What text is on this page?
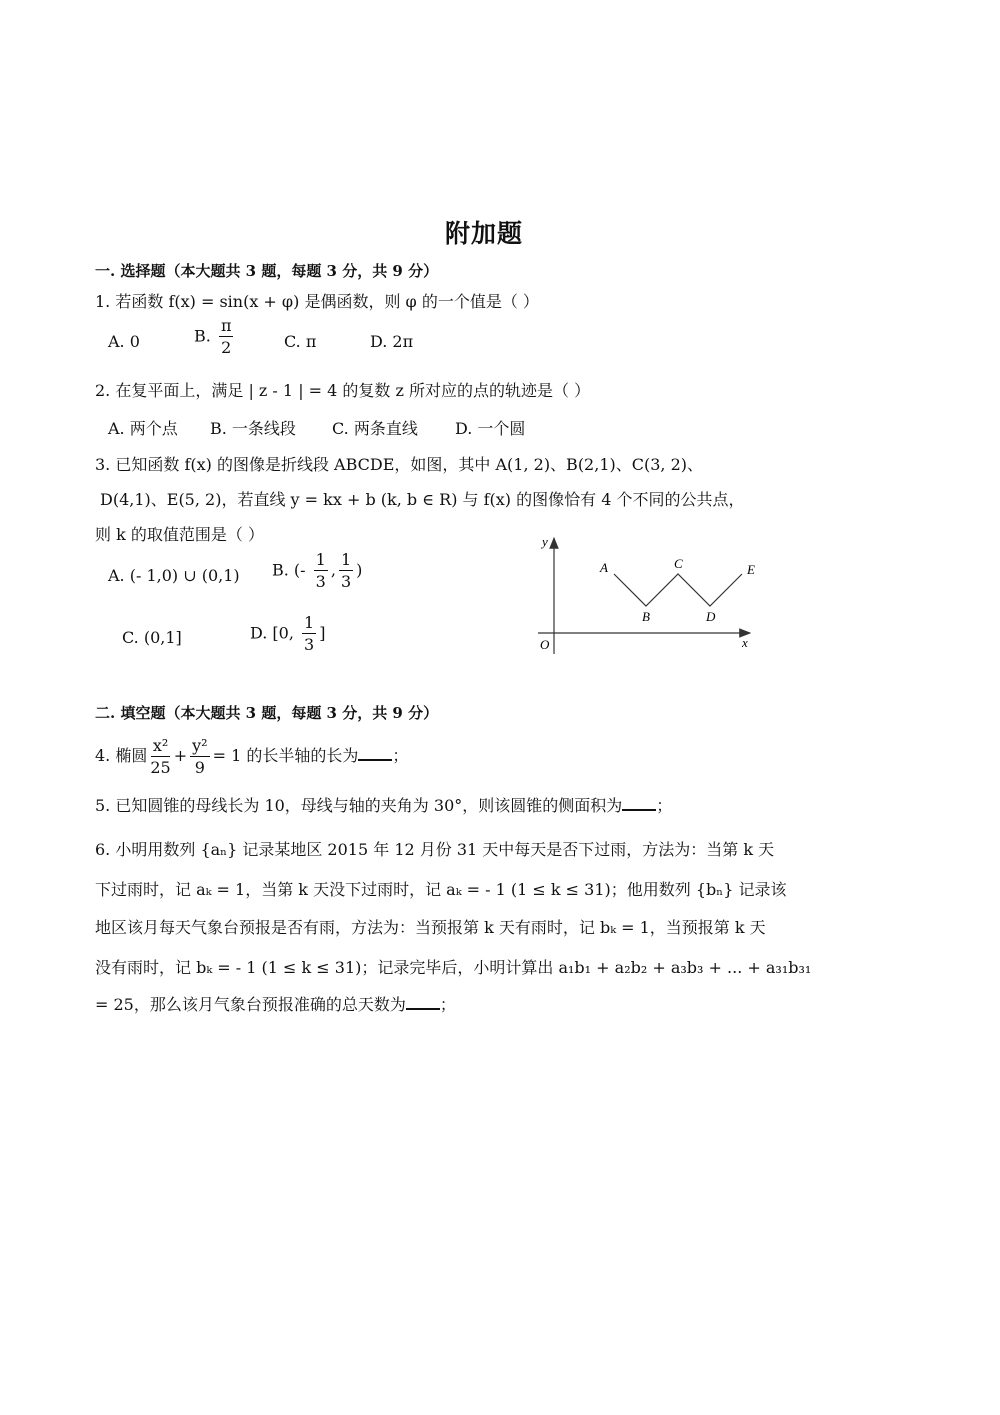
附加题
一. 选择题（本大题共 3 题，每题 3 分，共 9 分）
1. 若函数 f(x) = sin(x + φ) 是偶函数，则 φ 的一个值是（ ）
A. 0	B. $\frac{\pi}{2}$	C. π	D. 2π
2. 在复平面上，满足 | z - 1 | = 4 的复数 z 所对应的点的轨迹是（ ）
A. 两个点 B. 一条线段 C. 两条直线 D. 一个圆
3. 已知函数 f(x) 的图像是折线段 ABCDE，如图，其中 A(1, 2)、B(2,1)、C(3, 2)、
D(4,1)、E(5, 2)，若直线 y = kx + b (k, b ∈ R) 与 f(x) 的图像恰有 4 个不同的公共点，
则 k 的取值范围是（ ）
A. (- 1,0) ∪ (0,1) B. (- $\frac{1}{3}$ , $\frac{1}{3}$ )
C. (0,1]	D. [0, $\frac{1}{3}$ ]
y
x
O
A
B
C
D
E
二. 填空题（本大题共 3 题，每题 3 分，共 9 分）
4. 椭圆 $\frac{\text{x²}}{25} + \frac{\text{y²}}{9} = 1$ 的长半轴的长为 ；
5. 已知圆锥的母线长为 10，母线与轴的夹角为 30°，则该圆锥的侧面积为 ；
6. 小明用数列 {aₙ} 记录某地区 2015 年 12 月份 31 天中每天是否下过雨，方法为：当第 k 天
下过雨时，记 aₖ = 1，当第 k 天没下过雨时，记 aₖ = - 1 (1 ≤ k ≤ 31)；他用数列 {bₙ} 记录该
地区该月每天气象台预报是否有雨，方法为：当预报第 k 天有雨时，记 bₖ = 1，当预报第 k 天
没有雨时，记 bₖ = - 1 (1 ≤ k ≤ 31)；记录完毕后，小明计算出 a₁b₁ + a₂b₂ + a₃b₃ + ... + a₃₁b₃₁
= 25，那么该月气象台预报准确的总天数为 ；
